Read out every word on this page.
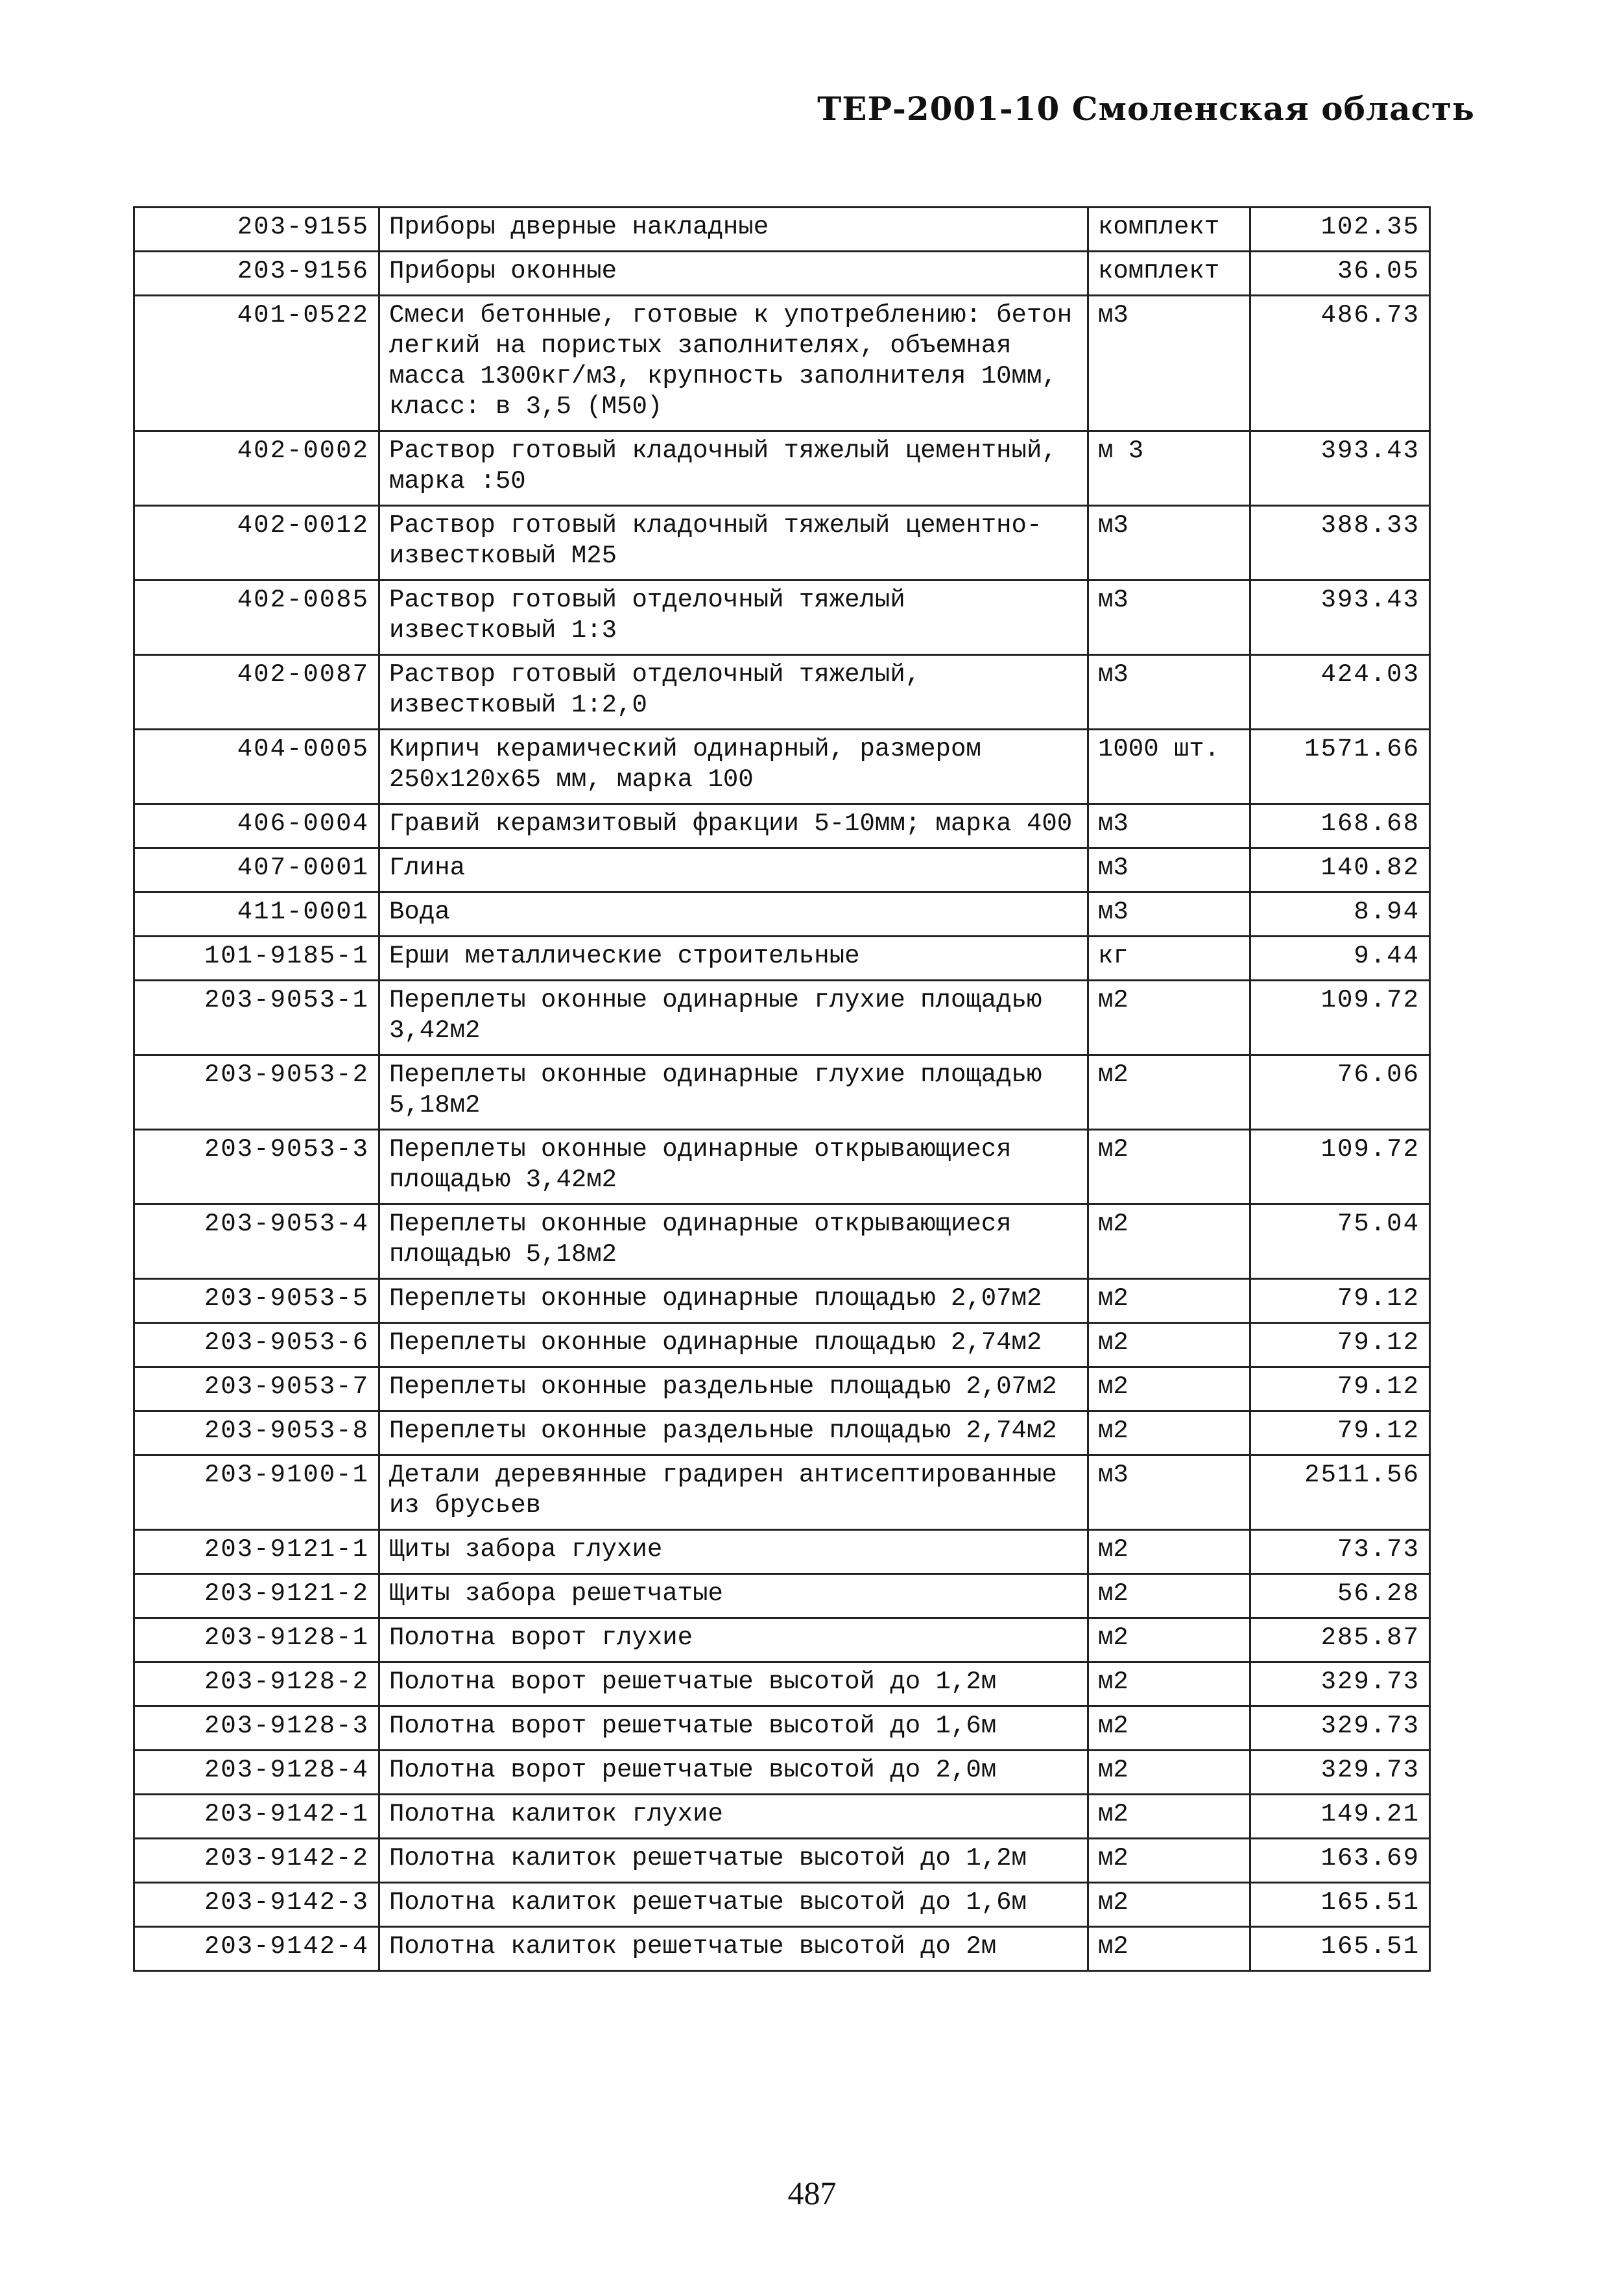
ТЕР-2001-10 Смоленская область
203-9155	Приборы дверные накладные	комплект	102.35
203-9156	Приборы оконные	комплект	36.05
401-0522	Смеси бетонные, готовые к употреблению: бетон легкий на пористых заполнителях, объемная масса 1300кг/м3, крупность заполнителя 10мм, класс: в 3,5 (М50)	м3	486.73
402-0002	Раствор готовый кладочный тяжелый цементный, марка :50	м 3	393.43
402-0012	Раствор готовый кладочный тяжелый цементно-известковый М25	м3	388.33
402-0085	Раствор готовый отделочный тяжелый известковый 1:3	м3	393.43
402-0087	Раствор готовый отделочный тяжелый, известковый 1:2,0	м3	424.03
404-0005	Кирпич керамический одинарный, размером 250х120х65 мм, марка 100	1000 шт.	1571.66
406-0004	Гравий керамзитовый фракции 5-10мм; марка 400	м3	168.68
407-0001	Глина	м3	140.82
411-0001	Вода	м3	8.94
101-9185-1	Ерши металлические строительные	кг	9.44
203-9053-1	Переплеты оконные одинарные глухие площадью 3,42м2	м2	109.72
203-9053-2	Переплеты оконные одинарные глухие площадью 5,18м2	м2	76.06
203-9053-3	Переплеты оконные одинарные открывающиеся площадью 3,42м2	м2	109.72
203-9053-4	Переплеты оконные одинарные открывающиеся площадью 5,18м2	м2	75.04
203-9053-5	Переплеты оконные одинарные площадью 2,07м2	м2	79.12
203-9053-6	Переплеты оконные одинарные площадью 2,74м2	м2	79.12
203-9053-7	Переплеты оконные раздельные площадью 2,07м2	м2	79.12
203-9053-8	Переплеты оконные раздельные площадью 2,74м2	м2	79.12
203-9100-1	Детали деревянные градирен антисептированные из брусьев	м3	2511.56
203-9121-1	Щиты забора глухие	м2	73.73
203-9121-2	Щиты забора решетчатые	м2	56.28
203-9128-1	Полотна ворот глухие	м2	285.87
203-9128-2	Полотна ворот решетчатые высотой до 1,2м	м2	329.73
203-9128-3	Полотна ворот решетчатые высотой до 1,6м	м2	329.73
203-9128-4	Полотна ворот решетчатые высотой до 2,0м	м2	329.73
203-9142-1	Полотна калиток глухие	м2	149.21
203-9142-2	Полотна калиток решетчатые высотой до 1,2м	м2	163.69
203-9142-3	Полотна калиток решетчатые высотой до 1,6м	м2	165.51
203-9142-4	Полотна калиток решетчатые высотой до 2м	м2	165.51
487
